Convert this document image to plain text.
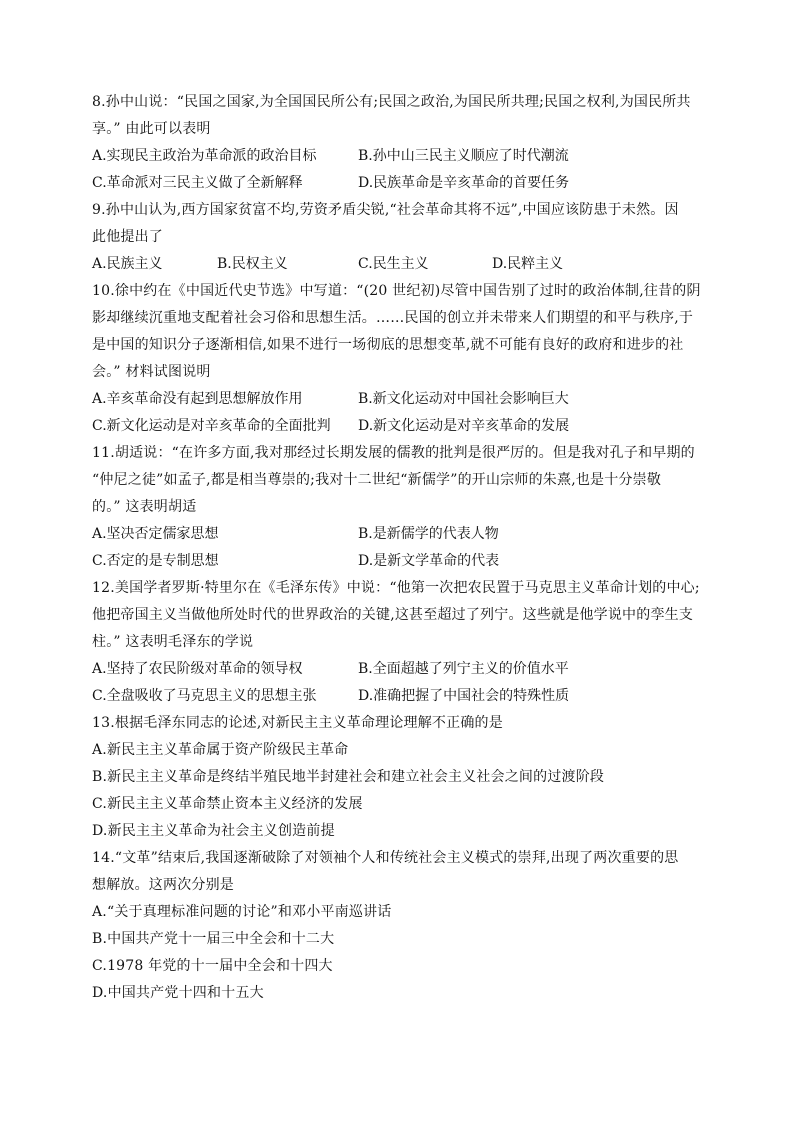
8.孙中山说：“民国之国家,为全国国民所公有;民国之政治,为国民所共理;民国之权利,为国民所共
享。” 由此可以表明
A.实现民主政治为革命派的政治目标	B.孙中山三民主义顺应了时代潮流
C.革命派对三民主义做了全新解释	D.民族革命是辛亥革命的首要任务
9.孙中山认为,西方国家贫富不均,劳资矛盾尖锐,“社会革命其将不远”,中国应该防患于未然。因
此他提出了
A.民族主义	B.民权主义	C.民生主义	D.民粹主义
10.徐中约在《中国近代史节选》中写道：“(20 世纪初)尽管中国告别了过时的政治体制,往昔的阴
影却继续沉重地支配着社会习俗和思想生活。……民国的创立并未带来人们期望的和平与秩序,于
是中国的知识分子逐渐相信,如果不进行一场彻底的思想变革,就不可能有良好的政府和进步的社
会。” 材料试图说明
A.辛亥革命没有起到思想解放作用	B.新文化运动对中国社会影响巨大
C.新文化运动是对辛亥革命的全面批判 D.新文化运动是对辛亥革命的发展
11.胡适说：“在许多方面,我对那经过长期发展的儒教的批判是很严厉的。但是我对孔子和早期的
“仲尼之徒”如孟子,都是相当尊崇的;我对十二世纪“新儒学”的开山宗师的朱熹,也是十分崇敬
的。” 这表明胡适
A.坚决否定儒家思想	B.是新儒学的代表人物
C.否定的是专制思想	D.是新文学革命的代表
12.美国学者罗斯·特里尔在《毛泽东传》中说：“他第一次把农民置于马克思主义革命计划的中心;
他把帝国主义当做他所处时代的世界政治的关键,这甚至超过了列宁。这些就是他学说中的孪生支
柱。” 这表明毛泽东的学说
A.坚持了农民阶级对革命的领导权	B.全面超越了列宁主义的价值水平
C.全盘吸收了马克思主义的思想主张	D.准确把握了中国社会的特殊性质
13.根据毛泽东同志的论述,对新民主主义革命理论理解不正确的是
A.新民主主义革命属于资产阶级民主革命
B.新民主主义革命是终结半殖民地半封建社会和建立社会主义社会之间的过渡阶段
C.新民主主义革命禁止资本主义经济的发展
D.新民主主义革命为社会主义创造前提
14.“文革”结束后,我国逐渐破除了对领袖个人和传统社会主义模式的崇拜,出现了两次重要的思
想解放。这两次分别是
A.“关于真理标准问题的讨论”和邓小平南巡讲话
B.中国共产党十一届三中全会和十二大
C.1978 年党的十一届中全会和十四大
D.中国共产党十四和十五大
